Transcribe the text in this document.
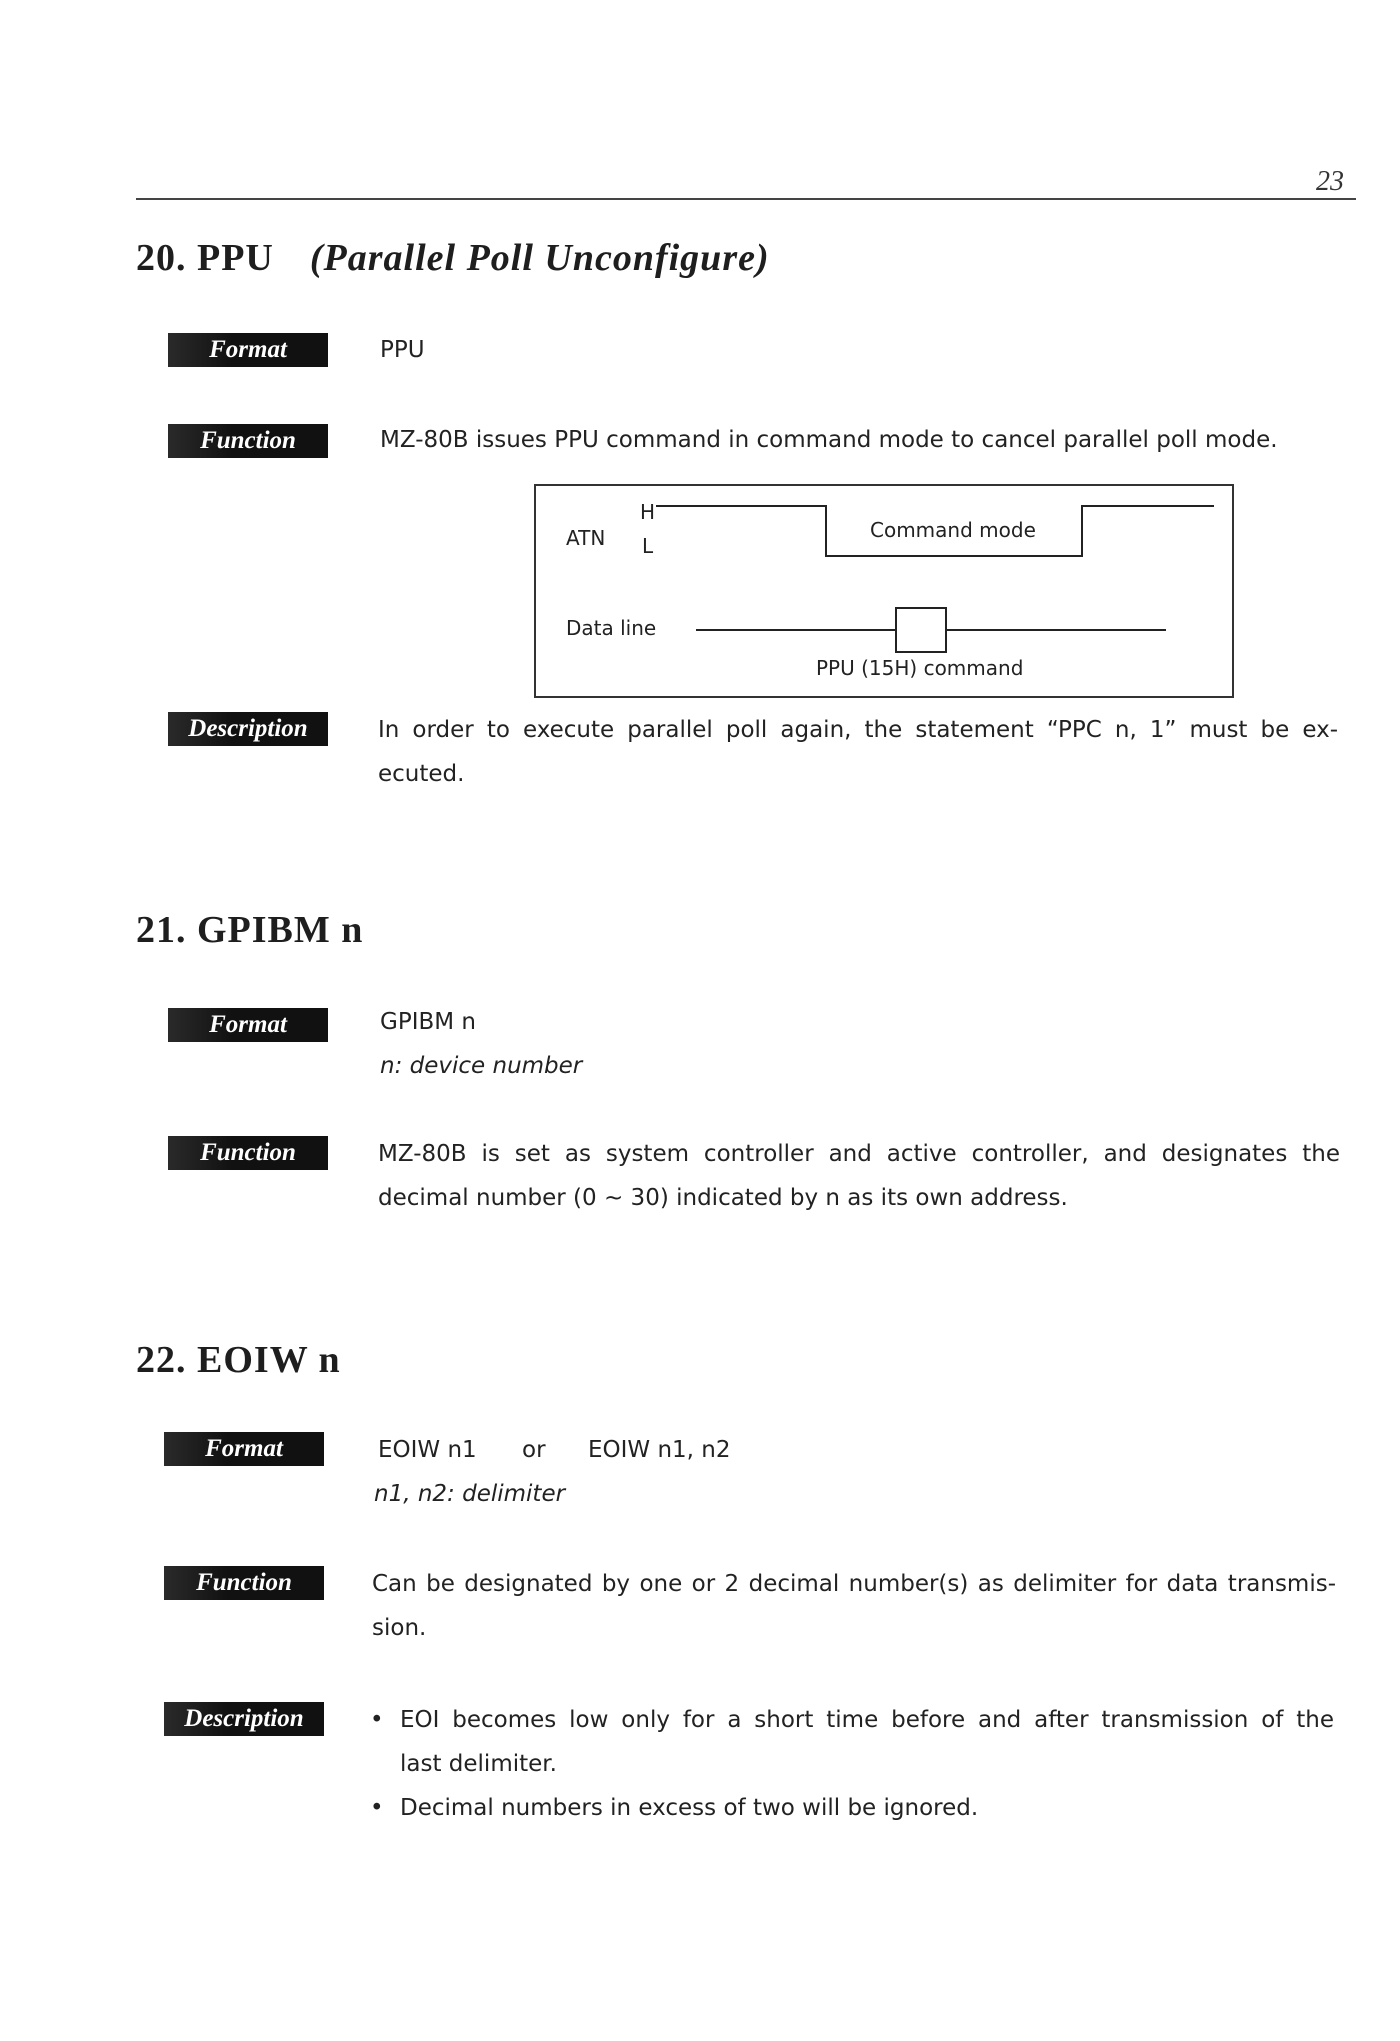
23
20. PPU (Parallel Poll Unconfigure)
Format	PPU
Function	MZ-80B issues PPU command in command mode to cancel parallel poll mode.
H
ATN L
Command mode
Data line
PPU (15H) command
Description	In order to execute parallel poll again, the statement “PPC n, 1” must be ex-
ecuted.
21. GPIBM n
Format	GPIBM n
n: device number
Function	MZ-80B is set as system controller and active controller, and designates the
decimal number (0 ~ 30) indicated by n as its own address.
22. EOIW n
Format	EOIW n1 or EOIW n1, n2
n1, n2: delimiter
Function	Can be designated by one or 2 decimal number(s) as delimiter for data transmis-
sion.
Description	• EOI becomes low only for a short time before and after transmission of the
last delimiter.
• Decimal numbers in excess of two will be ignored.
